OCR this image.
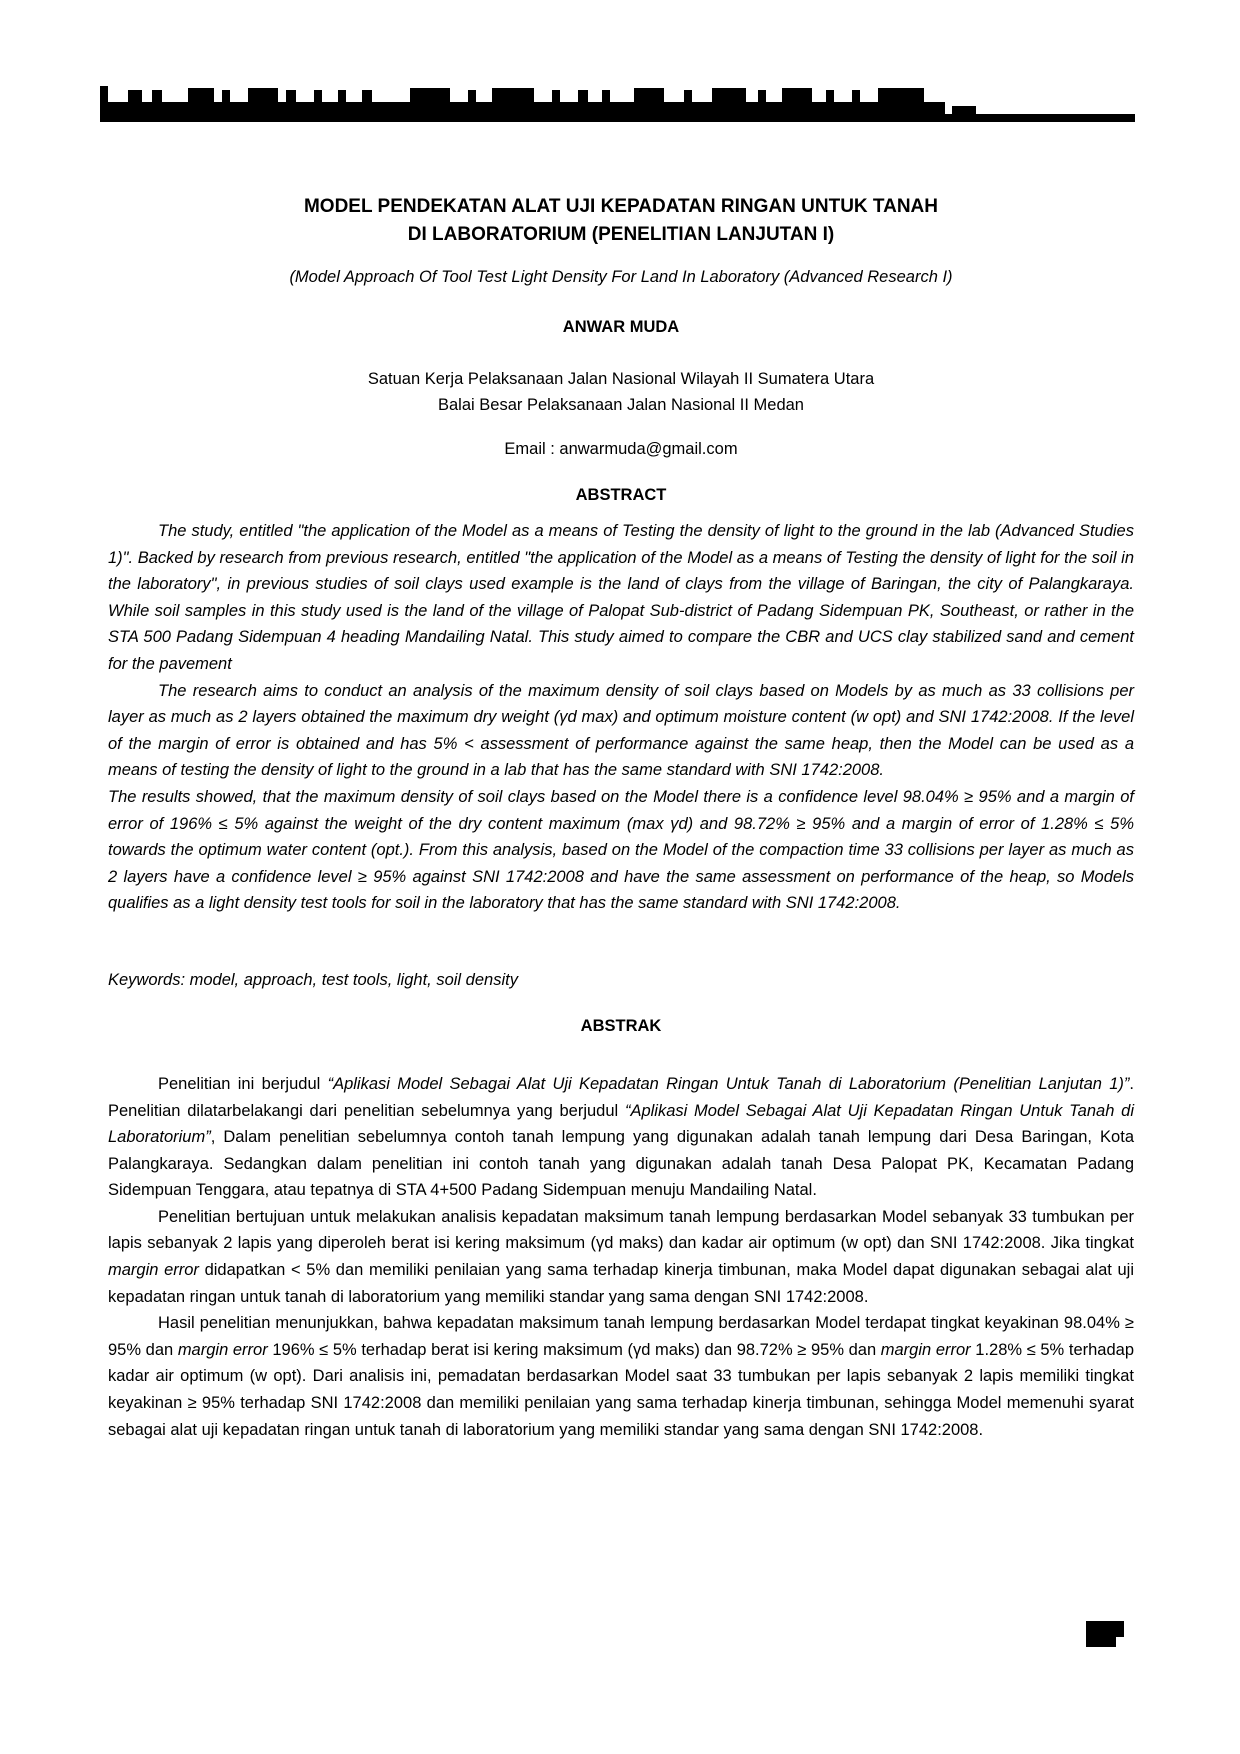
MODEL PENDEKATAN ALAT UJI KEPADATAN RINGAN UNTUK TANAH
DI LABORATORIUM (PENELITIAN LANJUTAN I)
(Model Approach Of Tool Test Light Density For Land In Laboratory (Advanced Research I)
ANWAR MUDA
Satuan Kerja Pelaksanaan Jalan Nasional Wilayah II Sumatera Utara
Balai Besar Pelaksanaan Jalan Nasional II Medan
Email : anwarmuda@gmail.com
ABSTRACT

The study, entitled "the application of the Model as a means of Testing the density of light to the ground in the lab (Advanced Studies 1)". Backed by research from previous research, entitled "the application of the Model as a means of Testing the density of light for the soil in the laboratory", in previous studies of soil clays used example is the land of clays from the village of Baringan, the city of Palangkaraya. While soil samples in this study used is the land of the village of Palopat Sub-district of Padang Sidempuan PK, Southeast, or rather in the STA 500 Padang Sidempuan 4 heading Mandailing Natal. This study aimed to compare the CBR and UCS clay stabilized sand and cement for the pavement

The research aims to conduct an analysis of the maximum density of soil clays based on Models by as much as 33 collisions per layer as much as 2 layers obtained the maximum dry weight (γd max) and optimum moisture content (w opt) and SNI 1742:2008. If the level of the margin of error is obtained and has 5% < assessment of performance against the same heap, then the Model can be used as a means of testing the density of light to the ground in a lab that has the same standard with SNI 1742:2008.

The results showed, that the maximum density of soil clays based on the Model there is a confidence level 98.04% ≥ 95% and a margin of error of 196% ≤ 5% against the weight of the dry content maximum (max γd) and 98.72% ≥ 95% and a margin of error of 1.28% ≤ 5% towards the optimum water content (opt.). From this analysis, based on the Model of the compaction time 33 collisions per layer as much as 2 layers have a confidence level ≥ 95% against SNI 1742:2008 and have the same assessment on performance of the heap, so Models qualifies as a light density test tools for soil in the laboratory that has the same standard with SNI 1742:2008.

Keywords: model, approach, test tools, light, soil density
ABSTRAK

Penelitian ini berjudul “Aplikasi Model Sebagai Alat Uji Kepadatan Ringan Untuk Tanah di Laboratorium (Penelitian Lanjutan 1)”. Penelitian dilatarbelakangi dari penelitian sebelumnya yang berjudul “Aplikasi Model Sebagai Alat Uji Kepadatan Ringan Untuk Tanah di Laboratorium”, Dalam penelitian sebelumnya contoh tanah lempung yang digunakan adalah tanah lempung dari Desa Baringan, Kota Palangkaraya. Sedangkan dalam penelitian ini contoh tanah yang digunakan adalah tanah Desa Palopat PK, Kecamatan Padang Sidempuan Tenggara, atau tepatnya di STA 4+500 Padang Sidempuan menuju Mandailing Natal.

Penelitian bertujuan untuk melakukan analisis kepadatan maksimum tanah lempung berdasarkan Model sebanyak 33 tumbukan per lapis sebanyak 2 lapis yang diperoleh berat isi kering maksimum (γd maks) dan kadar air optimum (w opt) dan SNI 1742:2008. Jika tingkat margin error didapatkan < 5% dan memiliki penilaian yang sama terhadap kinerja timbunan, maka Model dapat digunakan sebagai alat uji kepadatan ringan untuk tanah di laboratorium yang memiliki standar yang sama dengan SNI 1742:2008.

Hasil penelitian menunjukkan, bahwa kepadatan maksimum tanah lempung berdasarkan Model terdapat tingkat keyakinan 98.04% ≥ 95% dan margin error 196% ≤ 5% terhadap berat isi kering maksimum (γd maks) dan 98.72% ≥ 95% dan margin error 1.28% ≤ 5% terhadap kadar air optimum (w opt). Dari analisis ini, pemadatan berdasarkan Model saat 33 tumbukan per lapis sebanyak 2 lapis memiliki tingkat keyakinan ≥ 95% terhadap SNI 1742:2008 dan memiliki penilaian yang sama terhadap kinerja timbunan, sehingga Model memenuhi syarat sebagai alat uji kepadatan ringan untuk tanah di laboratorium yang memiliki standar yang sama dengan SNI 1742:2008.
